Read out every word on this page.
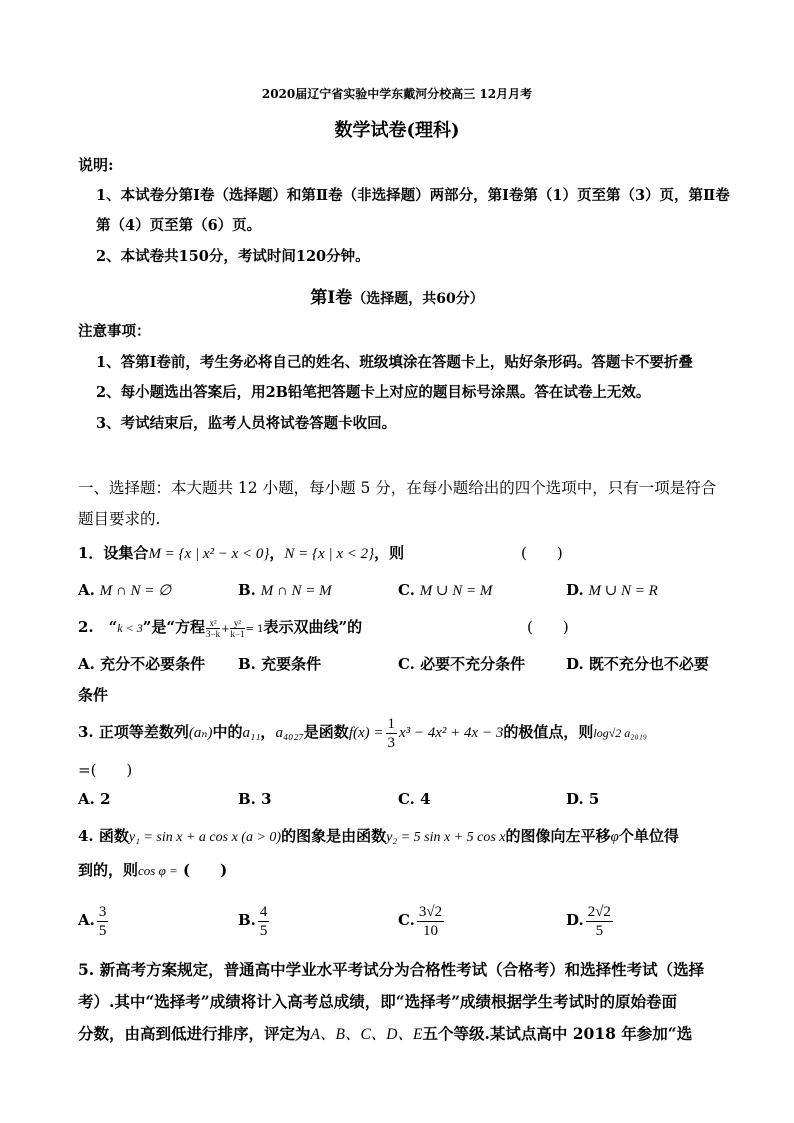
2020届辽宁省实验中学东戴河分校高三 12月月考
数学试卷(理科)
说明:
1、本试卷分第Ⅰ卷（选择题）和第Ⅱ卷（非选择题）两部分，第Ⅰ卷第（1）页至第（3）页，第Ⅱ卷
第（4）页至第（6）页。
2、本试卷共150分，考试时间120分钟。
第Ⅰ卷（选择题，共60分）
注意事项：
1、答第Ⅰ卷前，考生务必将自己的姓名、班级填涂在答题卡上，贴好条形码。答题卡不要折叠
2、每小题选出答案后，用2B铅笔把答题卡上对应的题目标号涂黑。答在试卷上无效。
3、考试结束后，监考人员将试卷答题卡收回。
一、选择题：本大题共 12 小题，每小题 5 分，在每小题给出的四个选项中，只有一项是符合
题目要求的.
1．设集合M = {x | x² − x < 0}，N = {x | x < 2}，则	(　　)
A. M ∩ N = ∅	B. M ∩ N = M	C. M ∪ N = M	D. M ∪ N = R
2.　“k < 3”是“方程 $\frac{\text{x²}}{3-k}+ \frac{\text{y²}}{k-1}= 1$表示双曲线”的	(　　)
A. 充分不必要条件 B. 充要条件	C. 必要不充分条件	D. 既不充分也不必要
条件
3. 正项等差数列(aₙ)中的a₁₁，a₄₀₂₇是函数$f(x) = \frac{1}{3} x^3 - 4x^2 + 4x - 3$的极值点，则log√2 a₂₀₁₉
=(　　)
A. 2	B. 3	C. 4	D. 5
4. 函数y₁ = sin x + a cos x (a > 0)的图象是由函数y₂ = 5 sin x + 5 cos x的图像向左平移φ个单位得
到的，则cos φ = (　　)
A. $\frac{3}{5}$	B. $\frac{4}{5}$	C. $\frac{3√2}{10}$	D. $\frac{2√2}{5}$
5. 新高考方案规定，普通高中学业水平考试分为合格性考试（合格考）和选择性考试（选择
考）.其中“选择考”成绩将计入高考总成绩，即“选择考”成绩根据学生考试时的原始卷面
分数，由高到低进行排序，评定为A、B、C、D、E五个等级.某试点高中 2018 年参加“选
